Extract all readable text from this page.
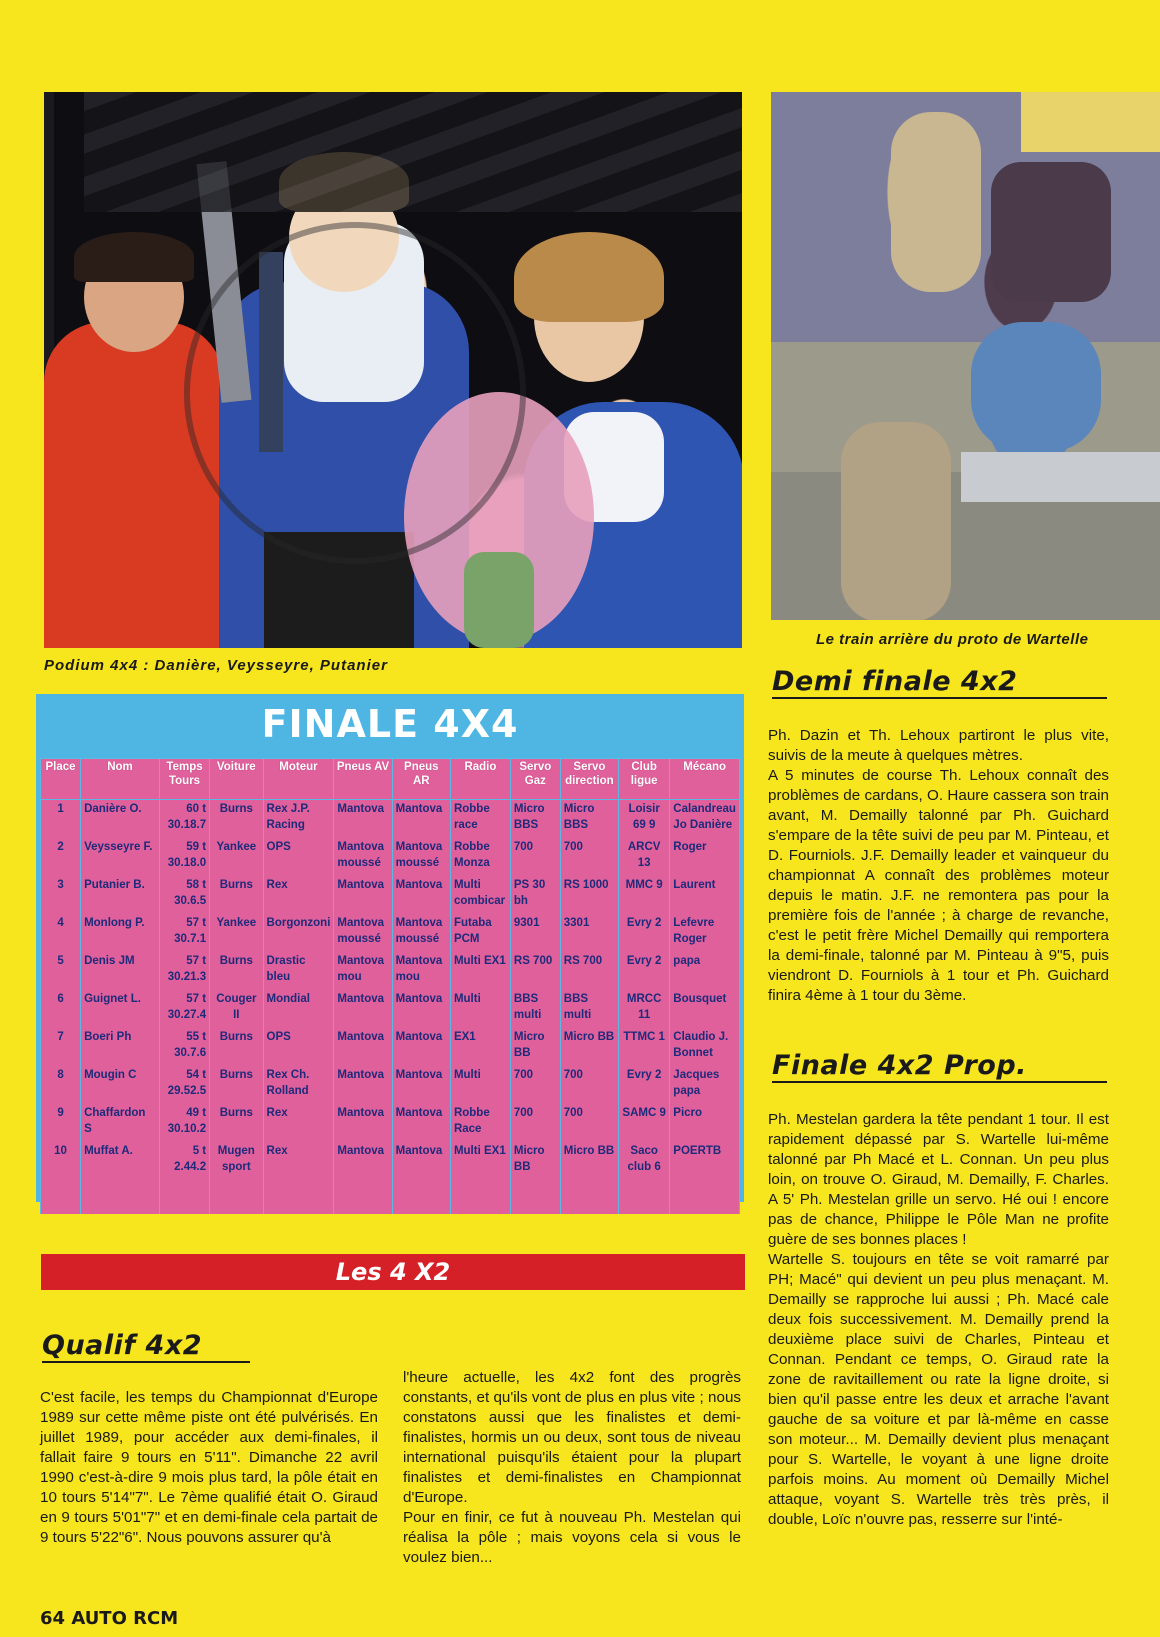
Podium 4x4 : Danière, Veysseyre, Putanier
Le train arrière du proto de Wartelle
FINALE 4X4
Place	Nom	Temps Tours	Voiture	Moteur	Pneus AV	Pneus AR	Radio	Servo Gaz	Servo direction	Club ligue	Mécano
1	Danière O.	60 t 30.18.7	Burns	Rex J.P. Racing	Mantova	Mantova	Robbe race	Micro BBS	Micro BBS	Loisir 69 9	Calandreau Jo Danière
2	Veysseyre F.	59 t 30.18.0	Yankee	OPS	Mantova moussé	Mantova moussé	Robbe Monza	700	700	ARCV 13	Roger
3	Putanier B.	58 t 30.6.5	Burns	Rex	Mantova	Mantova	Multi combicar	PS 30 bh	RS 1000	MMC 9	Laurent
4	Monlong P.	57 t 30.7.1	Yankee	Borgonzoni	Mantova moussé	Mantova moussé	Futaba PCM	9301	3301	Evry 2	Lefevre Roger
5	Denis JM	57 t 30.21.3	Burns	Drastic bleu	Mantova mou	Mantova mou	Multi EX1	RS 700	RS 700	Evry 2	papa
6	Guignet L.	57 t 30.27.4	Couger II	Mondial	Mantova	Mantova	Multi	BBS multi	BBS multi	MRCC 11	Bousquet
7	Boeri Ph	55 t 30.7.6	Burns	OPS	Mantova	Mantova	EX1	Micro BB	Micro BB	TTMC 1	Claudio J. Bonnet
8	Mougin C	54 t 29.52.5	Burns	Rex Ch. Rolland	Mantova	Mantova	Multi	700	700	Evry 2	Jacques papa
9	Chaffardon S	49 t 30.10.2	Burns	Rex	Mantova	Mantova	Robbe Race	700	700	SAMC 9	Picro
10	Muffat A.	5 t 2.44.2	Mugen sport	Rex	Mantova	Mantova	Multi EX1	Micro BB	Micro BB	Saco club 6	POERTB
Les 4 X2
Qualif 4x2

C'est facile, les temps du Championnat d'Europe 1989 sur cette même piste ont été pulvérisés. En juillet 1989, pour accéder aux demi-finales, il fallait faire 9 tours en 5'11". Dimanche 22 avril 1990 c'est-à-dire 9 mois plus tard, la pôle était en 10 tours 5'14"7". Le 7ème qualifié était O. Giraud en 9 tours 5'01"7" et en demi-finale cela partait de 9 tours 5'22"6". Nous pouvons assurer qu'à

l'heure actuelle, les 4x2 font des progrès constants, et qu'ils vont de plus en plus vite ; nous constatons aussi que les finalistes et demi-finalistes, hormis un ou deux, sont tous de niveau international puisqu'ils étaient pour la plupart finalistes et demi-finalistes en Championnat d'Europe.

Pour en finir, ce fut à nouveau Ph. Mestelan qui réalisa la pôle ; mais voyons cela si vous le voulez bien...

Demi finale 4x2

Ph. Dazin et Th. Lehoux partiront le plus vite, suivis de la meute à quelques mètres.

A 5 minutes de course Th. Lehoux connaît des problèmes de cardans, O. Haure cassera son train avant, M. Demailly talonné par Ph. Guichard s'empare de la tête suivi de peu par M. Pinteau, et D. Fourniols. J.F. Demailly leader et vainqueur du championnat A connaît des problèmes moteur depuis le matin. J.F. ne remontera pas pour la première fois de l'année ; à charge de revanche, c'est le petit frère Michel Demailly qui remportera la demi-finale, talonné par M. Pinteau à 9"5, puis viendront D. Fourniols à 1 tour et Ph. Guichard finira 4ème à 1 tour du 3ème.

Finale 4x2 Prop.

Ph. Mestelan gardera la tête pendant 1 tour. Il est rapidement dépassé par S. Wartelle lui-même talonné par Ph Macé et L. Connan. Un peu plus loin, on trouve O. Giraud, M. Demailly, F. Charles. A 5' Ph. Mestelan grille un servo. Hé oui ! encore pas de chance, Philippe le Pôle Man ne profite guère de ses bonnes places !

Wartelle S. toujours en tête se voit ramarré par PH; Macé" qui devient un peu plus menaçant. M. Demailly se rapproche lui aussi ; Ph. Macé cale deux fois successivement. M. Demailly prend la deuxième place suivi de Charles, Pinteau et Connan. Pendant ce temps, O. Giraud rate la zone de ravitaillement ou rate la ligne droite, si bien qu'il passe entre les deux et arrache l'avant gauche de sa voiture et par là-même en casse son moteur... M. Demailly devient plus menaçant pour S. Wartelle, le voyant à une ligne droite parfois moins. Au moment où Demailly Michel attaque, voyant S. Wartelle très très près, il double, Loïc n'ouvre pas, resserre sur l'inté-

64 AUTO RCM
